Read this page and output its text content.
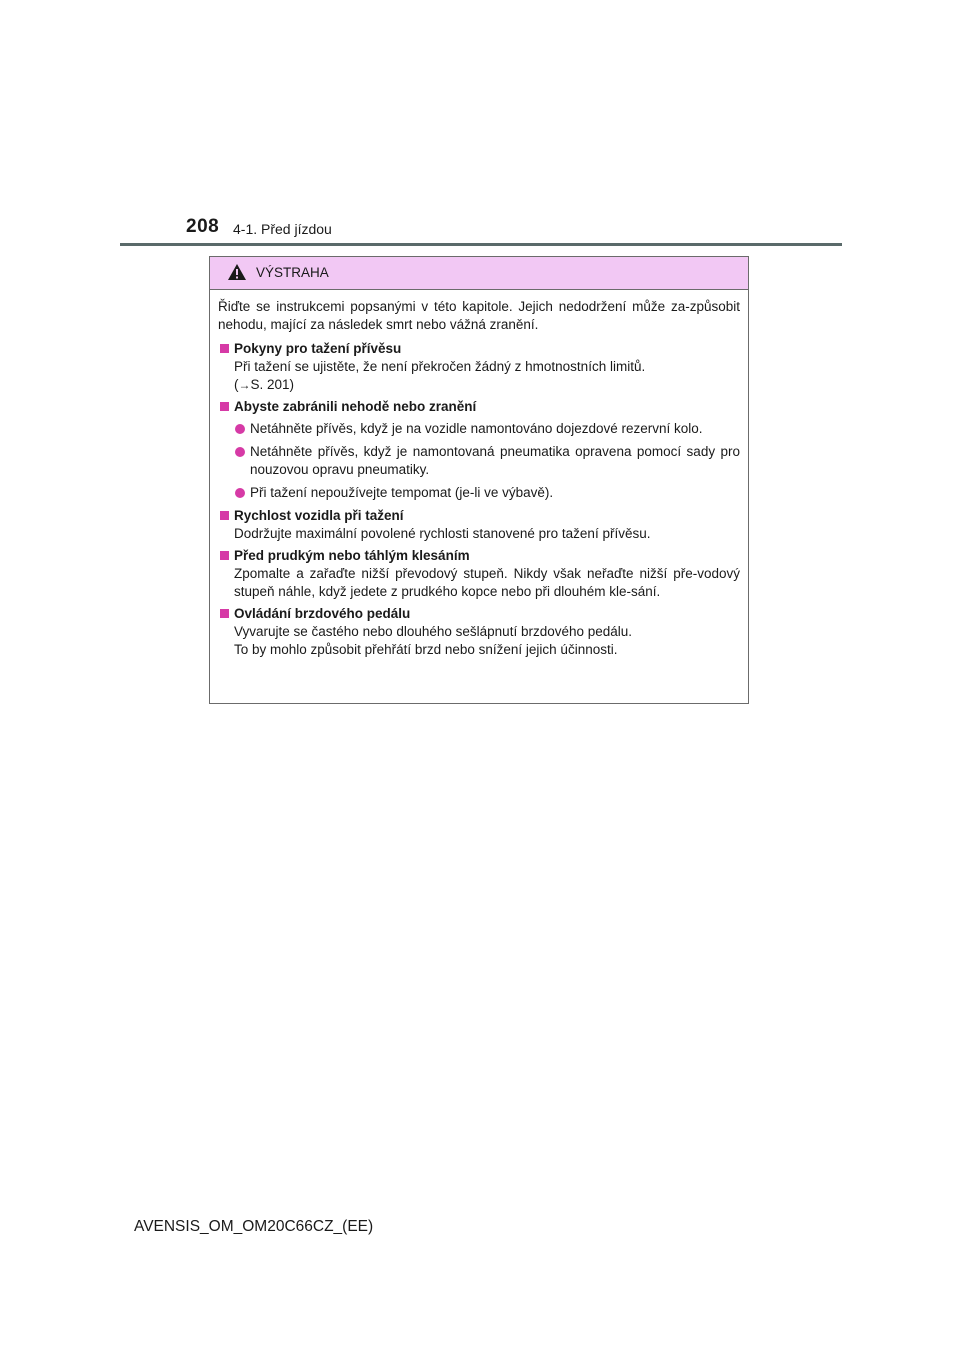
208 4-1. Před jízdou
VÝSTRAHA
Řiďte se instrukcemi popsanými v této kapitole. Jejich nedodržení může za-způsobit nehodu, mající za následek smrt nebo vážná zranění.
Pokyny pro tažení přívěsu
Při tažení se ujistěte, že není překročen žádný z hmotnostních limitů.
(→S. 201)
Abyste zabránili nehodě nebo zranění
Netáhněte přívěs, když je na vozidle namontováno dojezdové rezervní kolo.
Netáhněte přívěs, když je namontovaná pneumatika opravena pomocí sady pro nouzovou opravu pneumatiky.
Při tažení nepoužívejte tempomat (je-li ve výbavě).
Rychlost vozidla při tažení
Dodržujte maximální povolené rychlosti stanovené pro tažení přívěsu.
Před prudkým nebo táhlým klesáním
Zpomalte a zařaďte nižší převodový stupeň. Nikdy však neřaďte nižší pře-vodový stupeň náhle, když jedete z prudkého kopce nebo při dlouhém kle-sání.
Ovládání brzdového pedálu
Vyvarujte se častého nebo dlouhého sešlápnutí brzdového pedálu.
To by mohlo způsobit přehřátí brzd nebo snížení jejich účinnosti.
AVENSIS_OM_OM20C66CZ_(EE)
